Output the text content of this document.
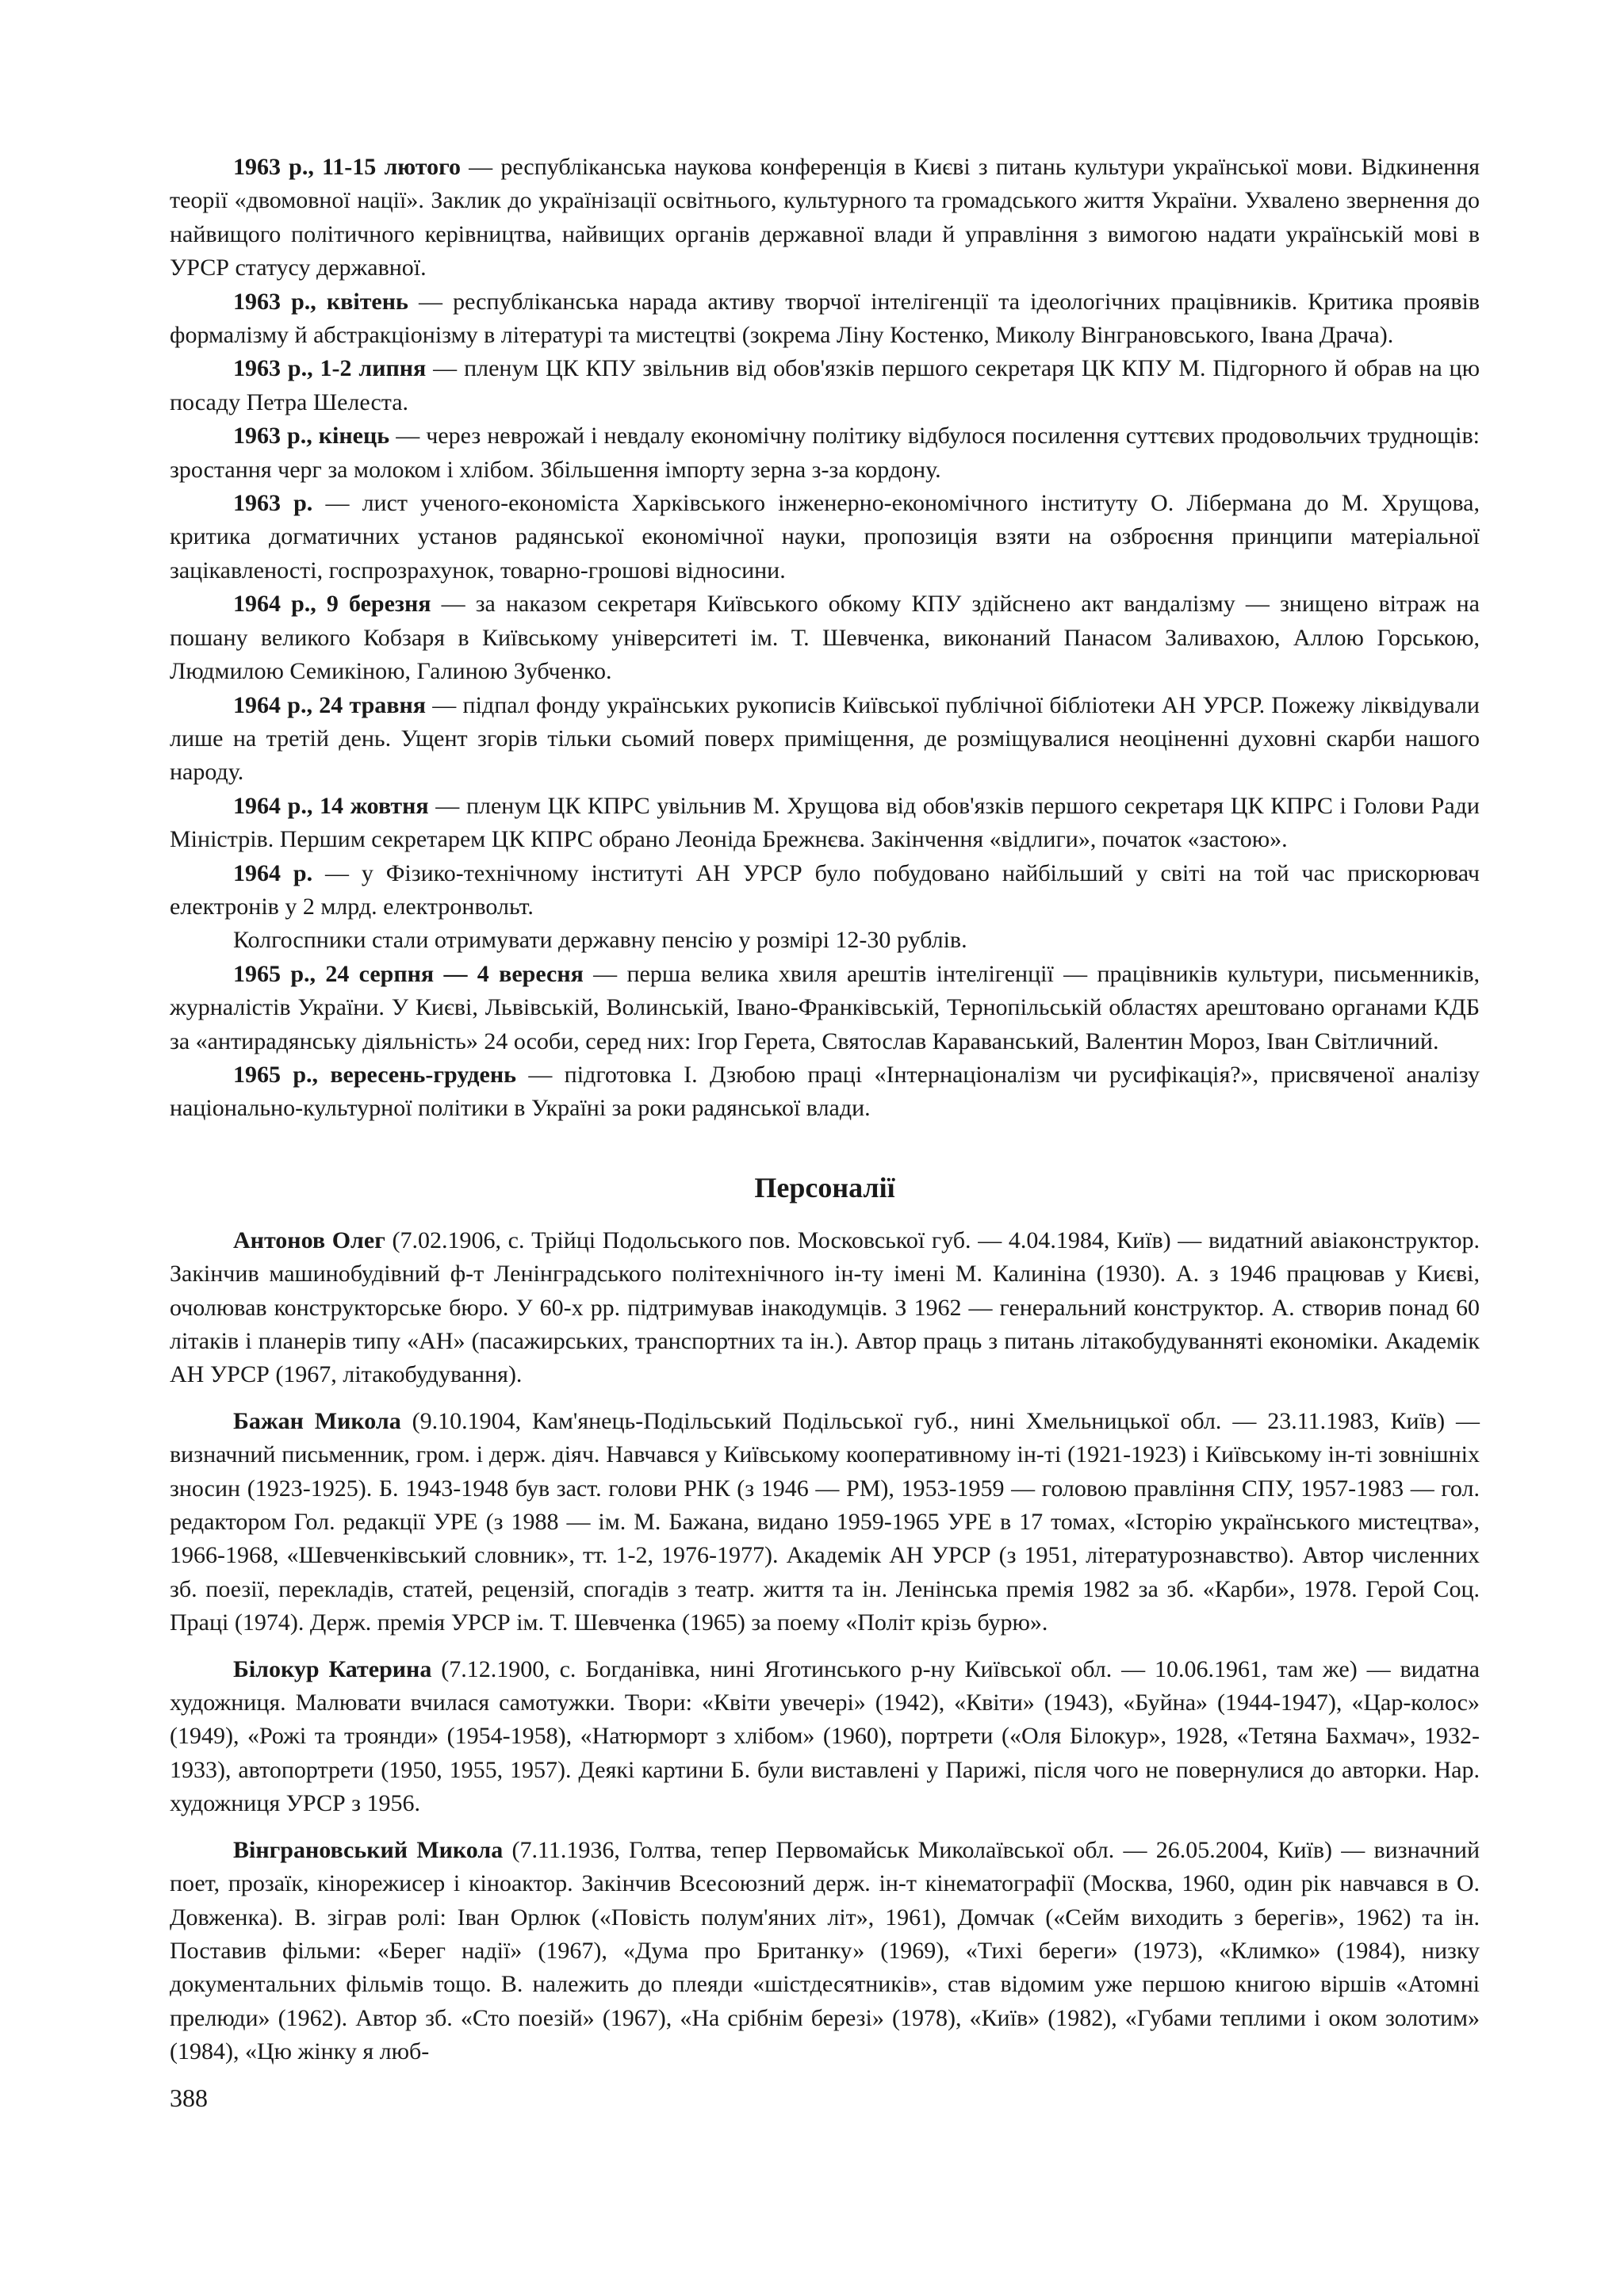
1963 р., 11-15 лютого — республіканська наукова конференція в Києві з питань культури української мови. Відкинення теорії «двомовної нації». Заклик до українізації освітнього, культурного та громадського життя України. Ухвалено звернення до найвищого політичного керівництва, найвищих органів державної влади й управління з вимогою надати українській мові в УРСР статусу державної.

1963 р., квітень — республіканська нарада активу творчої інтелігенції та ідеологічних працівників. Критика проявів формалізму й абстракціонізму в літературі та мистецтві (зокрема Ліну Костенко, Миколу Вінграновського, Івана Драча).

1963 р., 1-2 липня — пленум ЦК КПУ звільнив від обов'язків першого секретаря ЦК КПУ М. Підгорного й обрав на цю посаду Петра Шелеста.

1963 р., кінець — через неврожай і невдалу економічну політику відбулося посилення суттєвих продовольчих труднощів: зростання черг за молоком і хлібом. Збільшення імпорту зерна з-за кордону.

1963 р. — лист ученого-економіста Харківського інженерно-економічного інституту О. Лібермана до М. Хрущова, критика догматичних установ радянської економічної науки, пропозиція взяти на озброєння принципи матеріальної зацікавленості, госпрозрахунок, товарно-грошові відносини.

1964 р., 9 березня — за наказом секретаря Київського обкому КПУ здійснено акт вандалізму — знищено вітраж на пошану великого Кобзаря в Київському університеті ім. Т. Шевченка, виконаний Панасом Заливахою, Аллою Горською, Людмилою Семикіною, Галиною Зубченко.

1964 р., 24 травня — підпал фонду українських рукописів Київської публічної бібліотеки АН УРСР. Пожежу ліквідували лише на третій день. Ущент згорів тільки сьомий поверх приміщення, де розміщувалися неоціненні духовні скарби нашого народу.

1964 р., 14 жовтня — пленум ЦК КПРС увільнив М. Хрущова від обов'язків першого секретаря ЦК КПРС і Голови Ради Міністрів. Першим секретарем ЦК КПРС обрано Леоніда Брежнєва. Закінчення «відлиги», початок «застою».

1964 р. — у Фізико-технічному інституті АН УРСР було побудовано найбільший у світі на той час прискорювач електронів у 2 млрд. електронвольт.

Колгоспники стали отримувати державну пенсію у розмірі 12-30 рублів.

1965 р., 24 серпня — 4 вересня — перша велика хвиля арештів інтелігенції — працівників культури, письменників, журналістів України. У Києві, Львівській, Волинській, Івано-Франківській, Тернопільській областях арештовано органами КДБ за «антирадянську діяльність» 24 особи, серед них: Ігор Герета, Святослав Караванський, Валентин Мороз, Іван Світличний.

1965 р., вересень-грудень — підготовка І. Дзюбою праці «Інтернаціоналізм чи русифікація?», присвяченої аналізу національно-культурної політики в Україні за роки радянської влади.

Персоналії

Антонов Олег (7.02.1906, с. Трійці Подольського пов. Московської губ. — 4.04.1984, Київ) — видатний авіаконструктор. Закінчив машинобудівний ф-т Ленінградського політехнічного ін-ту імені М. Калиніна (1930). А. з 1946 працював у Києві, очолював конструкторське бюро. У 60-х рр. підтримував інакодумців. З 1962 — генеральний конструктор. А. створив понад 60 літаків і планерів типу «АН» (пасажирських, транспортних та ін.). Автор праць з питань літакобудуванняті економіки. Академік АН УРСР (1967, літакобудування).

Бажан Микола (9.10.1904, Кам'янець-Подільський Подільської губ., нині Хмельницької обл. — 23.11.1983, Київ) — визначний письменник, гром. і держ. діяч. Навчався у Київському кооперативному ін-ті (1921-1923) і Київському ін-ті зовнішніх зносин (1923-1925). Б. 1943-1948 був заст. голови РНК (з 1946 — РМ), 1953-1959 — головою правління СПУ, 1957-1983 — гол. редактором Гол. редакції УРЕ (з 1988 — ім. М. Бажана, видано 1959-1965 УРЕ в 17 томах, «Історію українського мистецтва», 1966-1968, «Шевченківський словник», тт. 1-2, 1976-1977). Академік АН УРСР (з 1951, літературознавство). Автор численних зб. поезії, перекладів, статей, рецензій, спогадів з театр. життя та ін. Ленінська премія 1982 за зб. «Карби», 1978. Герой Соц. Праці (1974). Держ. премія УРСР ім. Т. Шевченка (1965) за поему «Політ крізь бурю».

Білокур Катерина (7.12.1900, с. Богданівка, нині Яготинського р-ну Київської обл. — 10.06.1961, там же) — видатна художниця. Малювати вчилася самотужки. Твори: «Квіти увечері» (1942), «Квіти» (1943), «Буйна» (1944-1947), «Цар-колос» (1949), «Рожі та троянди» (1954-1958), «Натюрморт з хлібом» (1960), портрети («Оля Білокур», 1928, «Тетяна Бахмач», 1932-1933), автопортрети (1950, 1955, 1957). Деякі картини Б. були виставлені у Парижі, після чого не повернулися до авторки. Нар. художниця УРСР з 1956.

Вінграновський Микола (7.11.1936, Голтва, тепер Первомайськ Миколаївської обл. — 26.05.2004, Київ) — визначний поет, прозаїк, кінорежисер і кіноактор. Закінчив Всесоюзний держ. ін-т кінематографії (Москва, 1960, один рік навчався в О. Довженка). В. зіграв ролі: Іван Орлюк («Повість полум'яних літ», 1961), Домчак («Сейм виходить з берегів», 1962) та ін. Поставив фільми: «Берег надії» (1967), «Дума про Британку» (1969), «Тихі береги» (1973), «Климко» (1984), низку документальних фільмів тощо. В. належить до плеяди «шістдесятників», став відомим уже першою книгою віршів «Атомні прелюди» (1962). Автор зб. «Сто поезій» (1967), «На срібнім березі» (1978), «Київ» (1982), «Губами теплими і оком золотим» (1984), «Цю жінку я люб-

388
